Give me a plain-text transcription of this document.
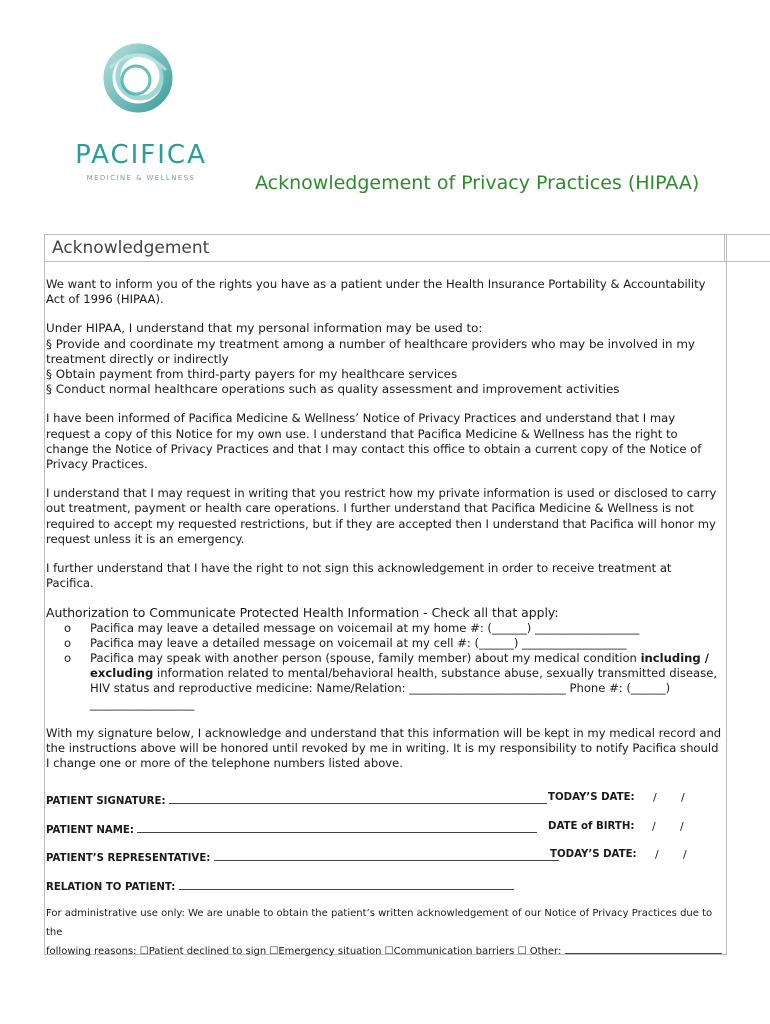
PACIFICA
MEDICINE & WELLNESS	Acknowledgement of Privacy Practices (HIPAA)
Acknowledgement

We want to inform you of the rights you have as a patient under the Health Insurance Portability & Accountability Act of 1996 (HIPAA).

Under HIPAA, I understand that my personal information may be used to:
§ Provide and coordinate my treatment among a number of healthcare providers who may be involved in my treatment directly or indirectly
§ Obtain payment from third-party payers for my healthcare services
§ Conduct normal healthcare operations such as quality assessment and improvement activities

I have been informed of Pacifica Medicine & Wellness’ Notice of Privacy Practices and understand that I may request a copy of this Notice for my own use. I understand that Pacifica Medicine & Wellness has the right to change the Notice of Privacy Practices and that I may contact this office to obtain a current copy of the Notice of Privacy Practices.

I understand that I may request in writing that you restrict how my private information is used or disclosed to carry out treatment, payment or health care operations. I further understand that Pacifica Medicine & Wellness is not required to accept my requested restrictions, but if they are accepted then I understand that Pacifica will honor my request unless it is an emergency.

I further understand that I have the right to not sign this acknowledgement in order to receive treatment at Pacifica.

Authorization to Communicate Protected Health Information - Check all that apply:
o Pacifica may leave a detailed message on voicemail at my home #: (______) __________________
o Pacifica may leave a detailed message on voicemail at my cell #: (______) __________________
o Pacifica may speak with another person (spouse, family member) about my medical condition including / excluding information related to mental/behavioral health, substance abuse, sexually transmitted disease, HIV status and reproductive medicine: Name/Relation: ___________________________ Phone #: (______)
__________________

With my signature below, I acknowledge and understand that this information will be kept in my medical record and the instructions above will be honored until revoked by me in writing. It is my responsibility to notify Pacifica should I change one or more of the telephone numbers listed above.

PATIENT SIGNATURE:	TODAY’S DATE: / /
PATIENT NAME:	DATE of BIRTH: / /
PATIENT’S REPRESENTATIVE:	TODAY’S DATE: / /
RELATION TO PATIENT:
For administrative use only: We are unable to obtain the patient’s written acknowledgement of our Notice of Privacy Practices due to the
following reasons: ☐Patient declined to sign ☐Emergency situation ☐Communication barriers ☐ Other:
